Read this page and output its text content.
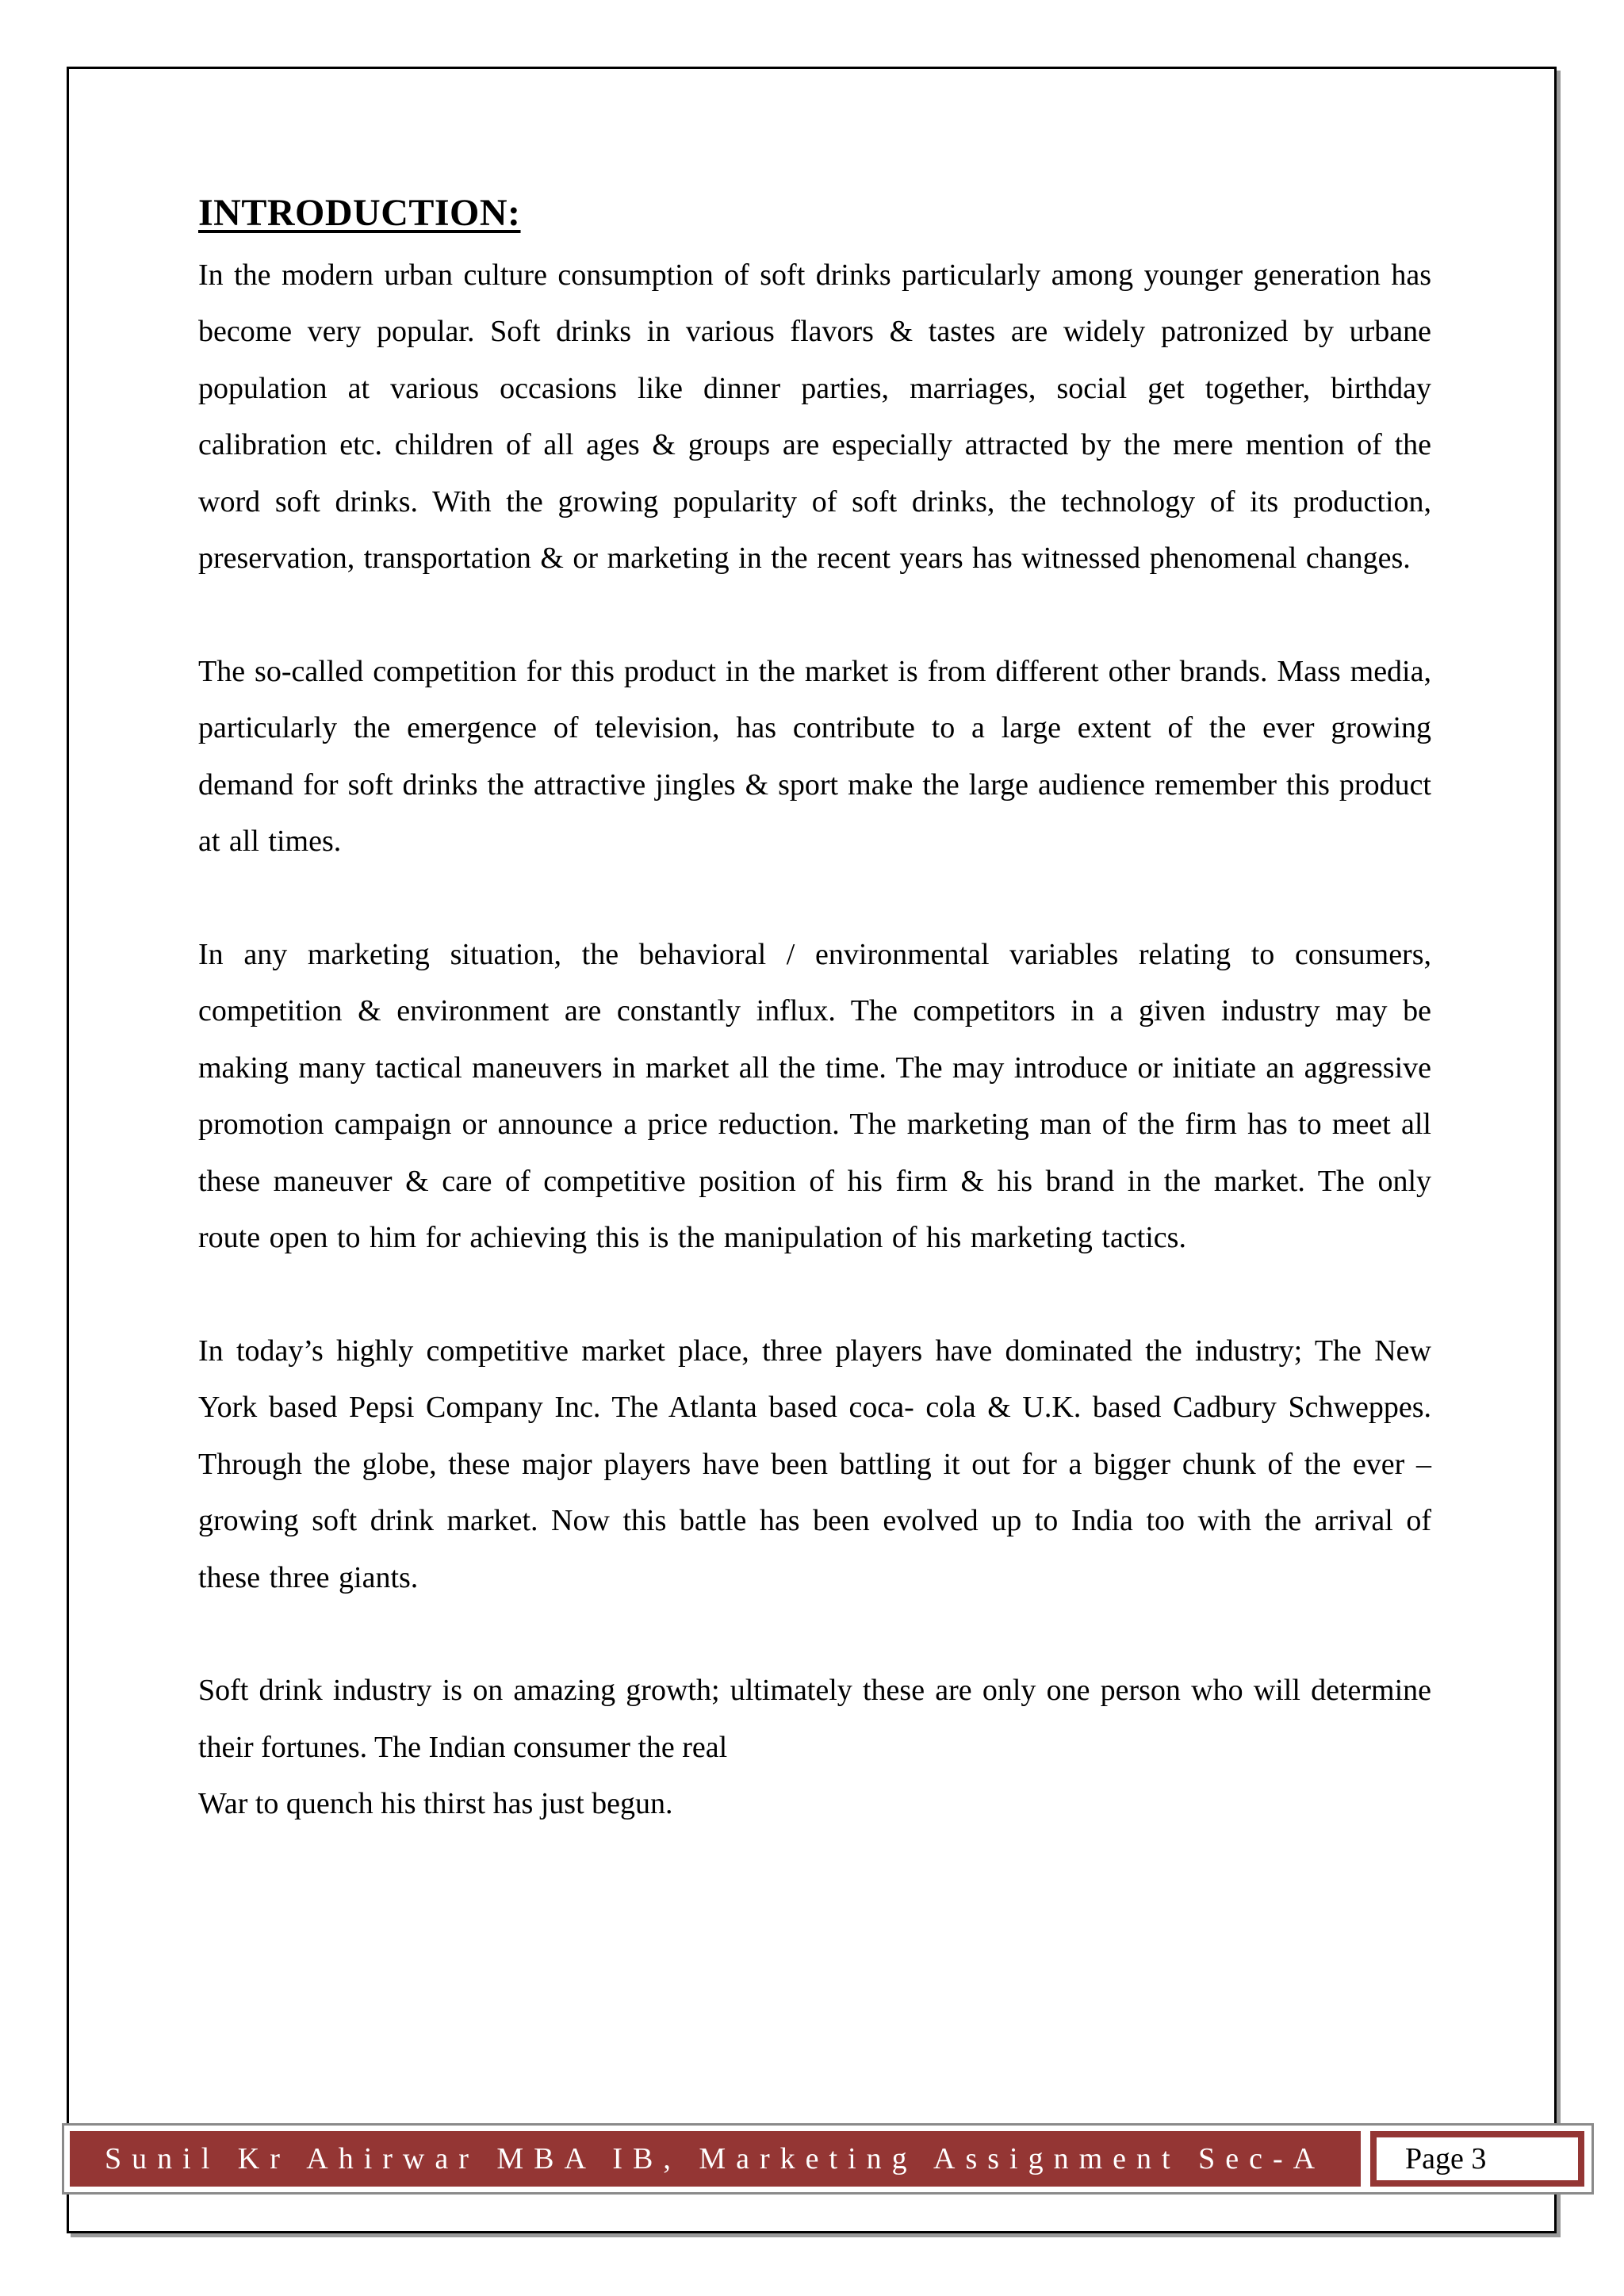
INTRODUCTION:

In the modern urban culture consumption of soft drinks particularly among younger generation has become very popular. Soft drinks in various flavors & tastes are widely patronized by urbane population at various occasions like dinner parties, marriages, social get together, birthday calibration etc. children of all ages & groups are especially attracted by the mere mention of the word soft drinks. With the growing popularity of soft drinks, the technology of its production, preservation, transportation & or marketing in the recent years has witnessed phenomenal changes.

The so-called competition for this product in the market is from different other brands. Mass media, particularly the emergence of television, has contribute to a large extent of the ever growing demand for soft drinks the attractive jingles & sport make the large audience remember this product at all times.

In any marketing situation, the behavioral / environmental variables relating to consumers, competition & environment are constantly influx. The competitors in a given industry may be making many tactical maneuvers in market all the time. The may introduce or initiate an aggressive promotion campaign or announce a price reduction. The marketing man of the firm has to meet all these maneuver & care of competitive position of his firm & his brand in the market. The only route open to him for achieving this is the manipulation of his marketing tactics.

In today’s highly competitive market place, three players have dominated the industry; The New York based Pepsi Company Inc. The Atlanta based coca- cola & U.K. based Cadbury Schweppes. Through the globe, these major players have been battling it out for a bigger chunk of the ever –growing soft drink market. Now this battle has been evolved up to India too with the arrival of these three giants.

Soft drink industry is on amazing growth; ultimately these are only one person who will determine their fortunes. The Indian consumer the real
War to quench his thirst has just begun.

Sunil Kr Ahirwar MBA IB, Marketing Assignment Sec-A	Page 3
